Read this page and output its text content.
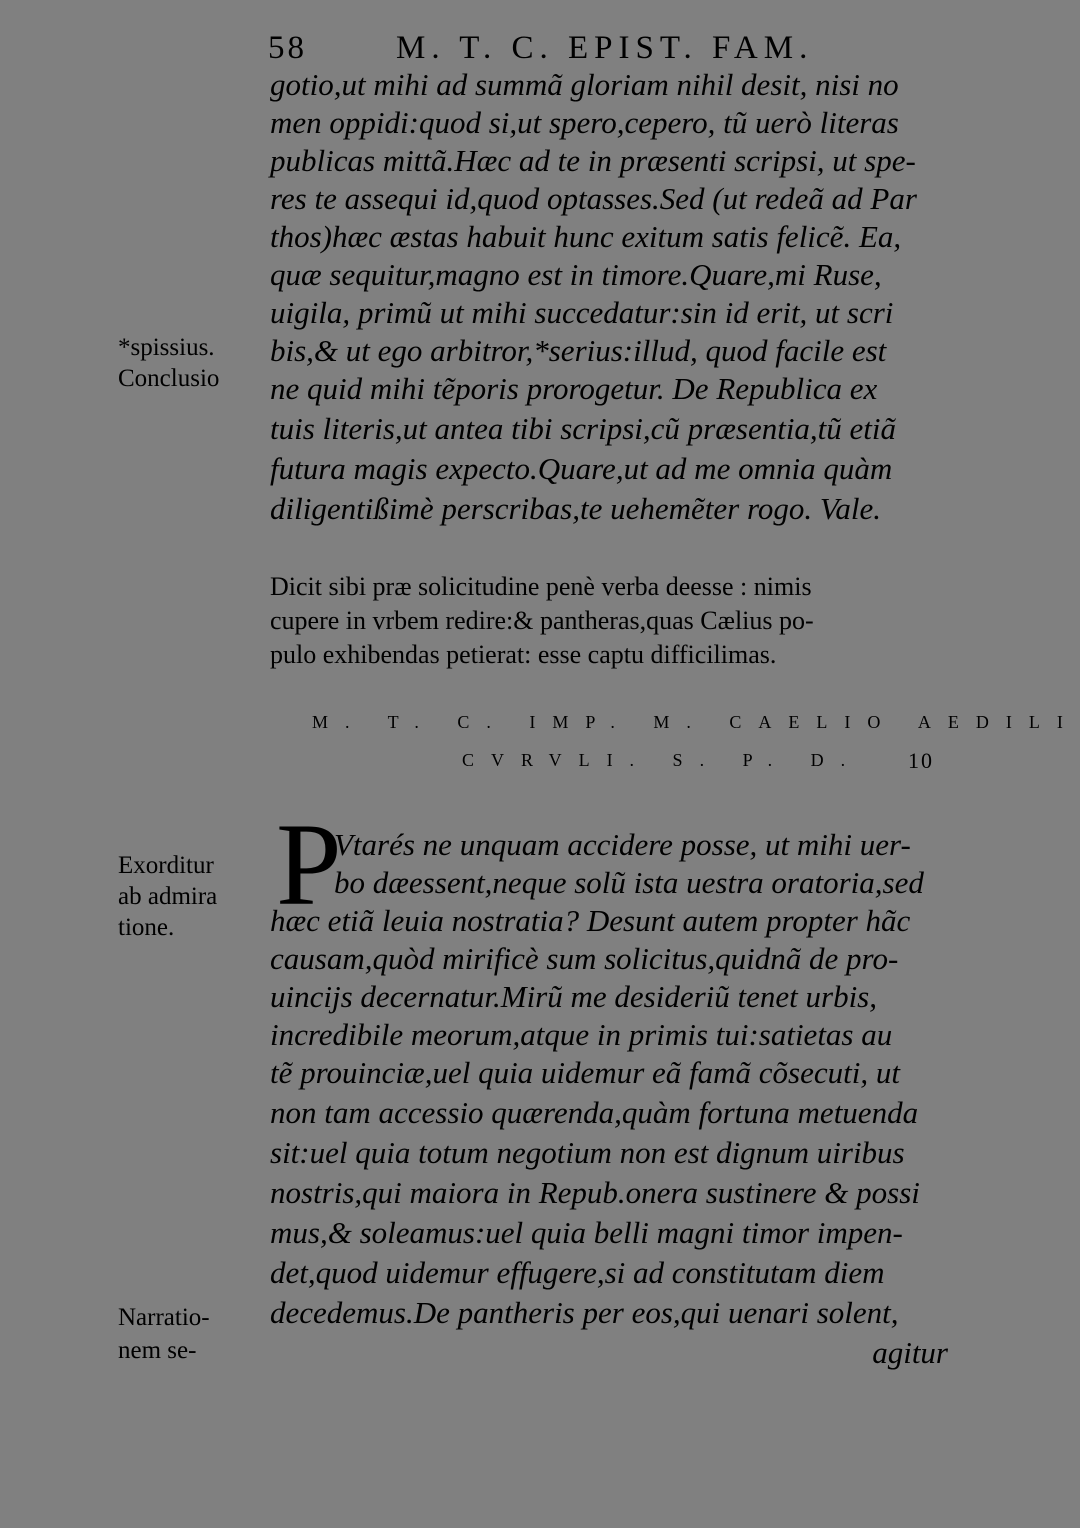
58	M. T. C. EPIST. FAM.
gotio,ut mihi ad summã gloriam nihil desit, nisi no
men oppidi:quod si,ut spero,cepero, tũ uerò literas
publicas mittã.Hæc ad te in præsenti scripsi, ut spe-
res te assequi id,quod optasses.Sed (ut redeã ad Par
thos)hæc æstas habuit hunc exitum satis felicẽ. Ea,
quæ sequitur,magno est in timore.Quare,mi Ruse,
uigila, primũ ut mihi succedatur:sin id erit, ut scri
bis,& ut ego arbitror,*serius:illud, quod facile est
ne quid mihi tẽporis prorogetur. De Republica ex
tuis literis,ut antea tibi scripsi,cũ præsentia,tũ etiã
futura magis expecto.Quare,ut ad me omnia quàm
diligentißimè perscribas,te uehemẽter rogo. Vale.
*spissius.
Conclusio
Dicit sibi præ solicitudine penè verba deesse : nimis
cupere in vrbem redire:& pantheras,quas Cælius po-
pulo exhibendas petierat: esse captu difficilimas.
M. T. C. IMP. M. CAELIO AEDILI
CVRVLI. S. P. D. 10
P
Vtarés ne unquam accidere posse, ut mihi uer-
bo dæessent,neque solũ ista uestra oratoria,sed
hæc etiã leuia nostratia? Desunt autem propter hãc
causam,quòd mirificè sum solicitus,quidnã de pro-
uincijs decernatur.Mirũ me desideriũ tenet urbis,
incredibile meorum,atque in primis tui:satietas au
tẽ prouinciæ,uel quia uidemur eã famã cõsecuti, ut
non tam accessio quærenda,quàm fortuna metuenda
sit:uel quia totum negotium non est dignum uiribus
nostris,qui maiora in Repub.onera sustinere & possi
mus,& soleamus:uel quia belli magni timor impen-
det,quod uidemur effugere,si ad constitutam diem
decedemus.De pantheris per eos,qui uenari solent,
agitur
Exorditur
ab admira
tione.
Narratio-
nem se-
